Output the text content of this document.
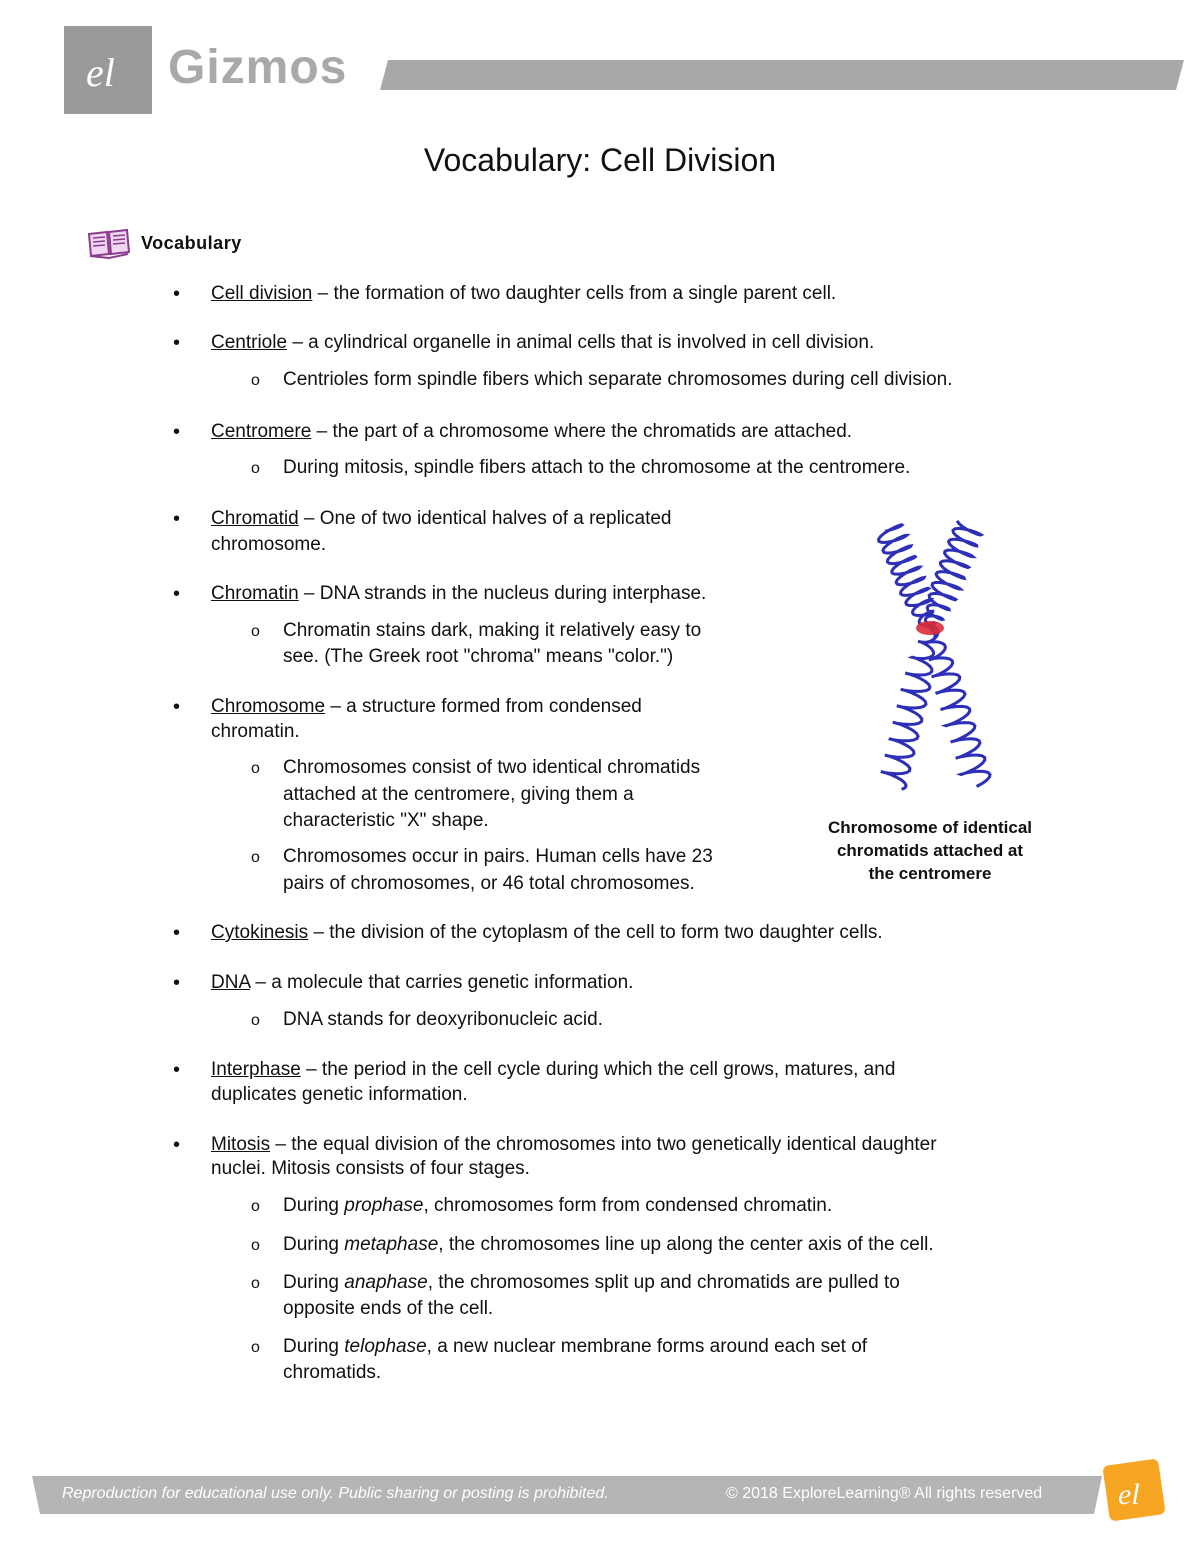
el Gizmos
Vocabulary: Cell Division
Vocabulary
• Cell division – the formation of two daughter cells from a single parent cell.
• Centriole – a cylindrical organelle in animal cells that is involved in cell division.
o Centrioles form spindle fibers which separate chromosomes during cell division.
• Centromere – the part of a chromosome where the chromatids are attached.
o During mitosis, spindle fibers attach to the chromosome at the centromere.
• Chromatid – One of two identical halves of a replicated
chromosome.
• Chromatin – DNA strands in the nucleus during interphase.
o Chromatin stains dark, making it relatively easy to
see. (The Greek root "chroma" means "color.")
• Chromosome – a structure formed from condensed
chromatin.
o Chromosomes consist of two identical chromatids
attached at the centromere, giving them a
characteristic "X" shape.
o Chromosomes occur in pairs. Human cells have 23
pairs of chromosomes, or 46 total chromosomes.
Chromosome of identical
chromatids attached at
the centromere
• Cytokinesis – the division of the cytoplasm of the cell to form two daughter cells.
• DNA – a molecule that carries genetic information.
o DNA stands for deoxyribonucleic acid.
• Interphase – the period in the cell cycle during which the cell grows, matures, and
duplicates genetic information.
• Mitosis – the equal division of the chromosomes into two genetically identical daughter
nuclei. Mitosis consists of four stages.
o During prophase, chromosomes form from condensed chromatin.
o During metaphase, the chromosomes line up along the center axis of the cell.
o During anaphase, the chromosomes split up and chromatids are pulled to
opposite ends of the cell.
o During telophase, a new nuclear membrane forms around each set of
chromatids.
Reproduction for educational use only. Public sharing or posting is prohibited.	© 2018 ExploreLearning® All rights reserved	el
